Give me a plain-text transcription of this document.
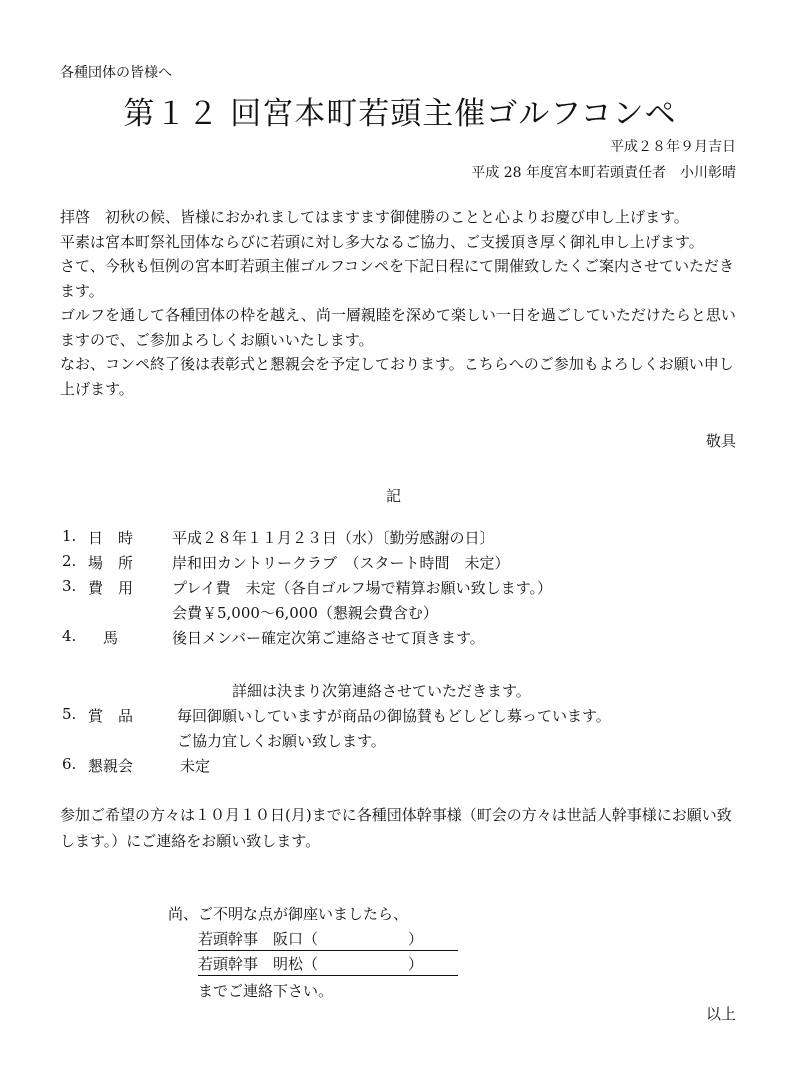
各種団体の皆様へ
第１２ 回宮本町若頭主催ゴルフコンペ
平成２８年９月吉日
平成 28 年度宮本町若頭責任者　小川彰晴

拝啓　初秋の候、皆様におかれましてはますます御健勝のことと心よりお慶び申し上げます。

平素は宮本町祭礼団体ならびに若頭に対し多大なるご協力、ご支援頂き厚く御礼申し上げます。

さて、今秋も恒例の宮本町若頭主催ゴルフコンペを下記日程にて開催致したくご案内させていただきます。

ゴルフを通して各種団体の枠を越え、尚一層親睦を深めて楽しい一日を過ごしていただけたらと思いますので、ご参加よろしくお願いいたします。

なお、コンペ終了後は表彰式と懇親会を予定しております。こちらへのご参加もよろしくお願い申し上げます。

敬具
記
1. 日　時	平成２８年１１月２３日（水）〔勤労感謝の日〕
2. 場　所	岸和田カントリークラブ　（スタート時間　未定）
3. 費　用	プレイ費　未定（各自ゴルフ場で精算お願い致します。）
会費￥5,000～6,000（懇親会費含む）
4. 　馬	後日メンバー確定次第ご連絡させて頂きます。
5. 賞　品	毎回御願いしていますが商品の御協賛もどしどし募っています。
ご協力宜しくお願い致します。
6. 懇親会	未定
詳細は決まり次第連絡させていただきます。
参加ご希望の方々は１０月１０日(月)までに各種団体幹事様（町会の方々は世話人幹事様にお願い致します。）にご連絡をお願い致します。
尚、ご不明な点が御座いましたら、
若頭幹事　阪口（　　　　　　）
若頭幹事　明松（　　　　　　）
までご連絡下さい。
以上
